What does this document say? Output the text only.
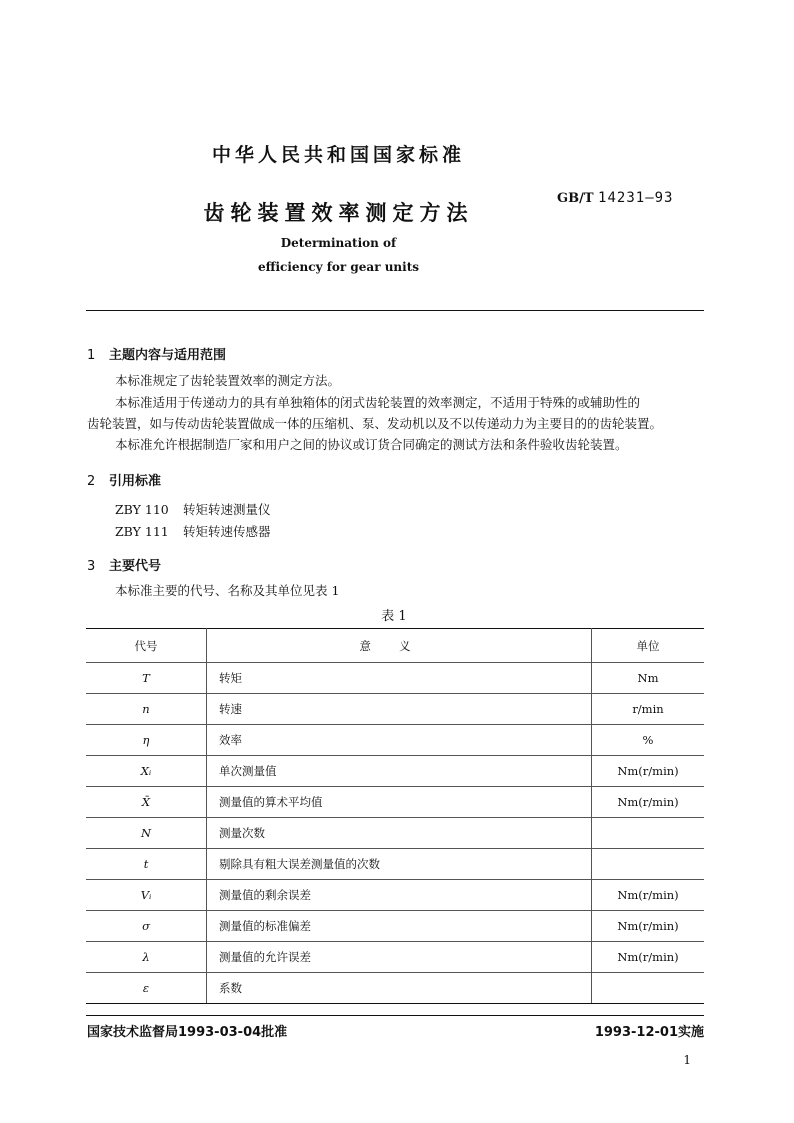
中华人民共和国国家标准
齿轮装置效率测定方法
GB/T 14231—93
Determination of
efficiency for gear units
1 主题内容与适用范围
本标准规定了齿轮装置效率的测定方法。
本标准适用于传递动力的具有单独箱体的闭式齿轮装置的效率测定，不适用于特殊的或辅助性的
齿轮装置，如与传动齿轮装置做成一体的压缩机、泵、发动机以及不以传递动力为主要目的的齿轮装置。
本标准允许根据制造厂家和用户之间的协议或订货合同确定的测试方法和条件验收齿轮装置。
2 引用标准
ZBY 110 转矩转速测量仪
ZBY 111 转矩转速传感器
3 主要代号
本标准主要的代号、名称及其单位见表 1
表 1
代号	意义	单位
T	转矩	Nm
n	转速	r/min
η	效率	%
Xᵢ	单次测量值	Nm(r/min)
X̄	测量值的算术平均值	Nm(r/min)
N	测量次数	
t	剔除具有粗大误差测量值的次数	
Vᵢ	测量值的剩余误差	Nm(r/min)
σ	测量值的标准偏差	Nm(r/min)
λ	测量值的允许误差	Nm(r/min)
ε	系数	
国家技术监督局1993-03-04批准	1993-12-01实施
1
